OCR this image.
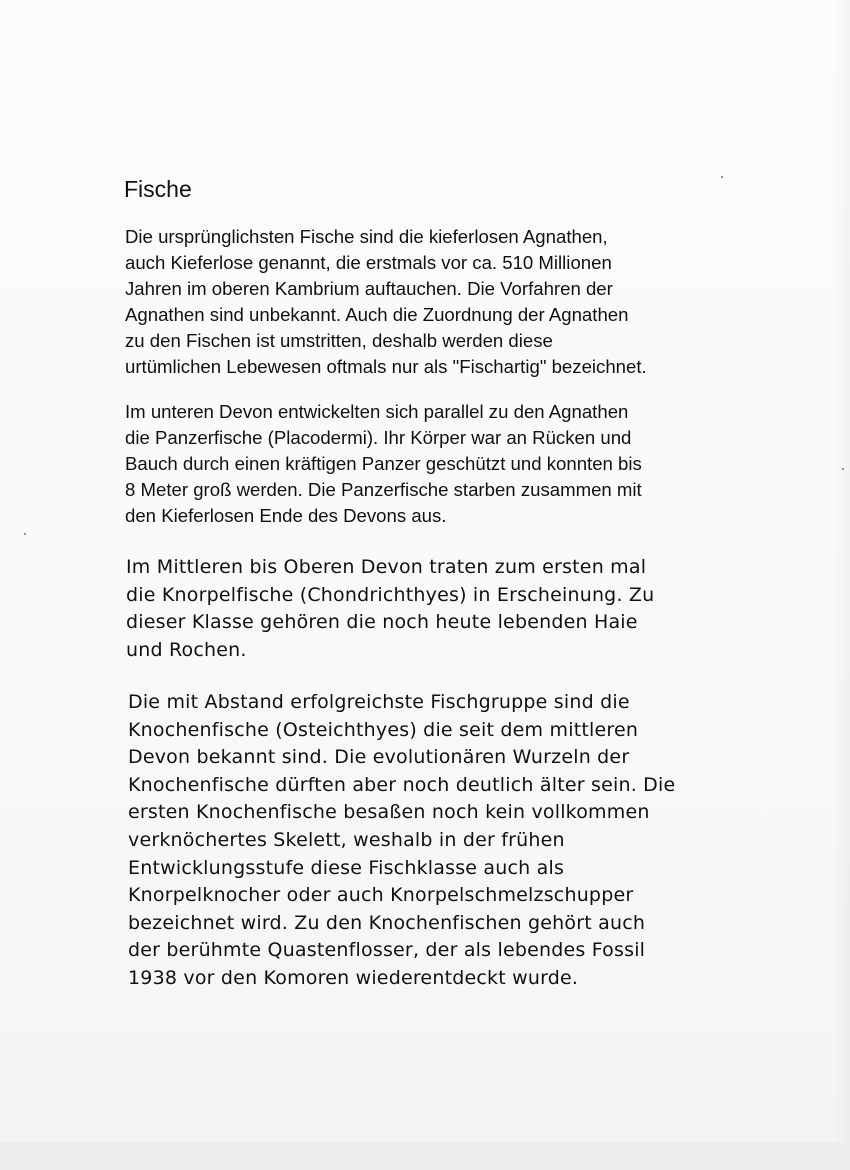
Fische

Die ursprünglichsten Fische sind die kieferlosen Agnathen,
auch Kieferlose genannt, die erstmals vor ca. 510 Millionen
Jahren im oberen Kambrium auftauchen. Die Vorfahren der
Agnathen sind unbekannt. Auch die Zuordnung der Agnathen
zu den Fischen ist umstritten, deshalb werden diese
urtümlichen Lebewesen oftmals nur als "Fischartig" bezeichnet.

Im unteren Devon entwickelten sich parallel zu den Agnathen
die Panzerfische (Placodermi). Ihr Körper war an Rücken und
Bauch durch einen kräftigen Panzer geschützt und konnten bis
8 Meter groß werden. Die Panzerfische starben zusammen mit
den Kieferlosen Ende des Devons aus.

Im Mittleren bis Oberen Devon traten zum ersten mal
die Knorpelfische (Chondrichthyes) in Erscheinung. Zu
dieser Klasse gehören die noch heute lebenden Haie
und Rochen.

Die mit Abstand erfolgreichste Fischgruppe sind die
Knochenfische (Osteichthyes) die seit dem mittleren
Devon bekannt sind. Die evolutionären Wurzeln der
Knochenfische dürften aber noch deutlich älter sein. Die
ersten Knochenfische besaßen noch kein vollkommen
verknöchertes Skelett, weshalb in der frühen
Entwicklungsstufe diese Fischklasse auch als
Knorpelknocher oder auch Knorpelschmelzschupper
bezeichnet wird. Zu den Knochenfischen gehört auch
der berühmte Quastenflosser, der als lebendes Fossil
1938 vor den Komoren wiederentdeckt wurde.
